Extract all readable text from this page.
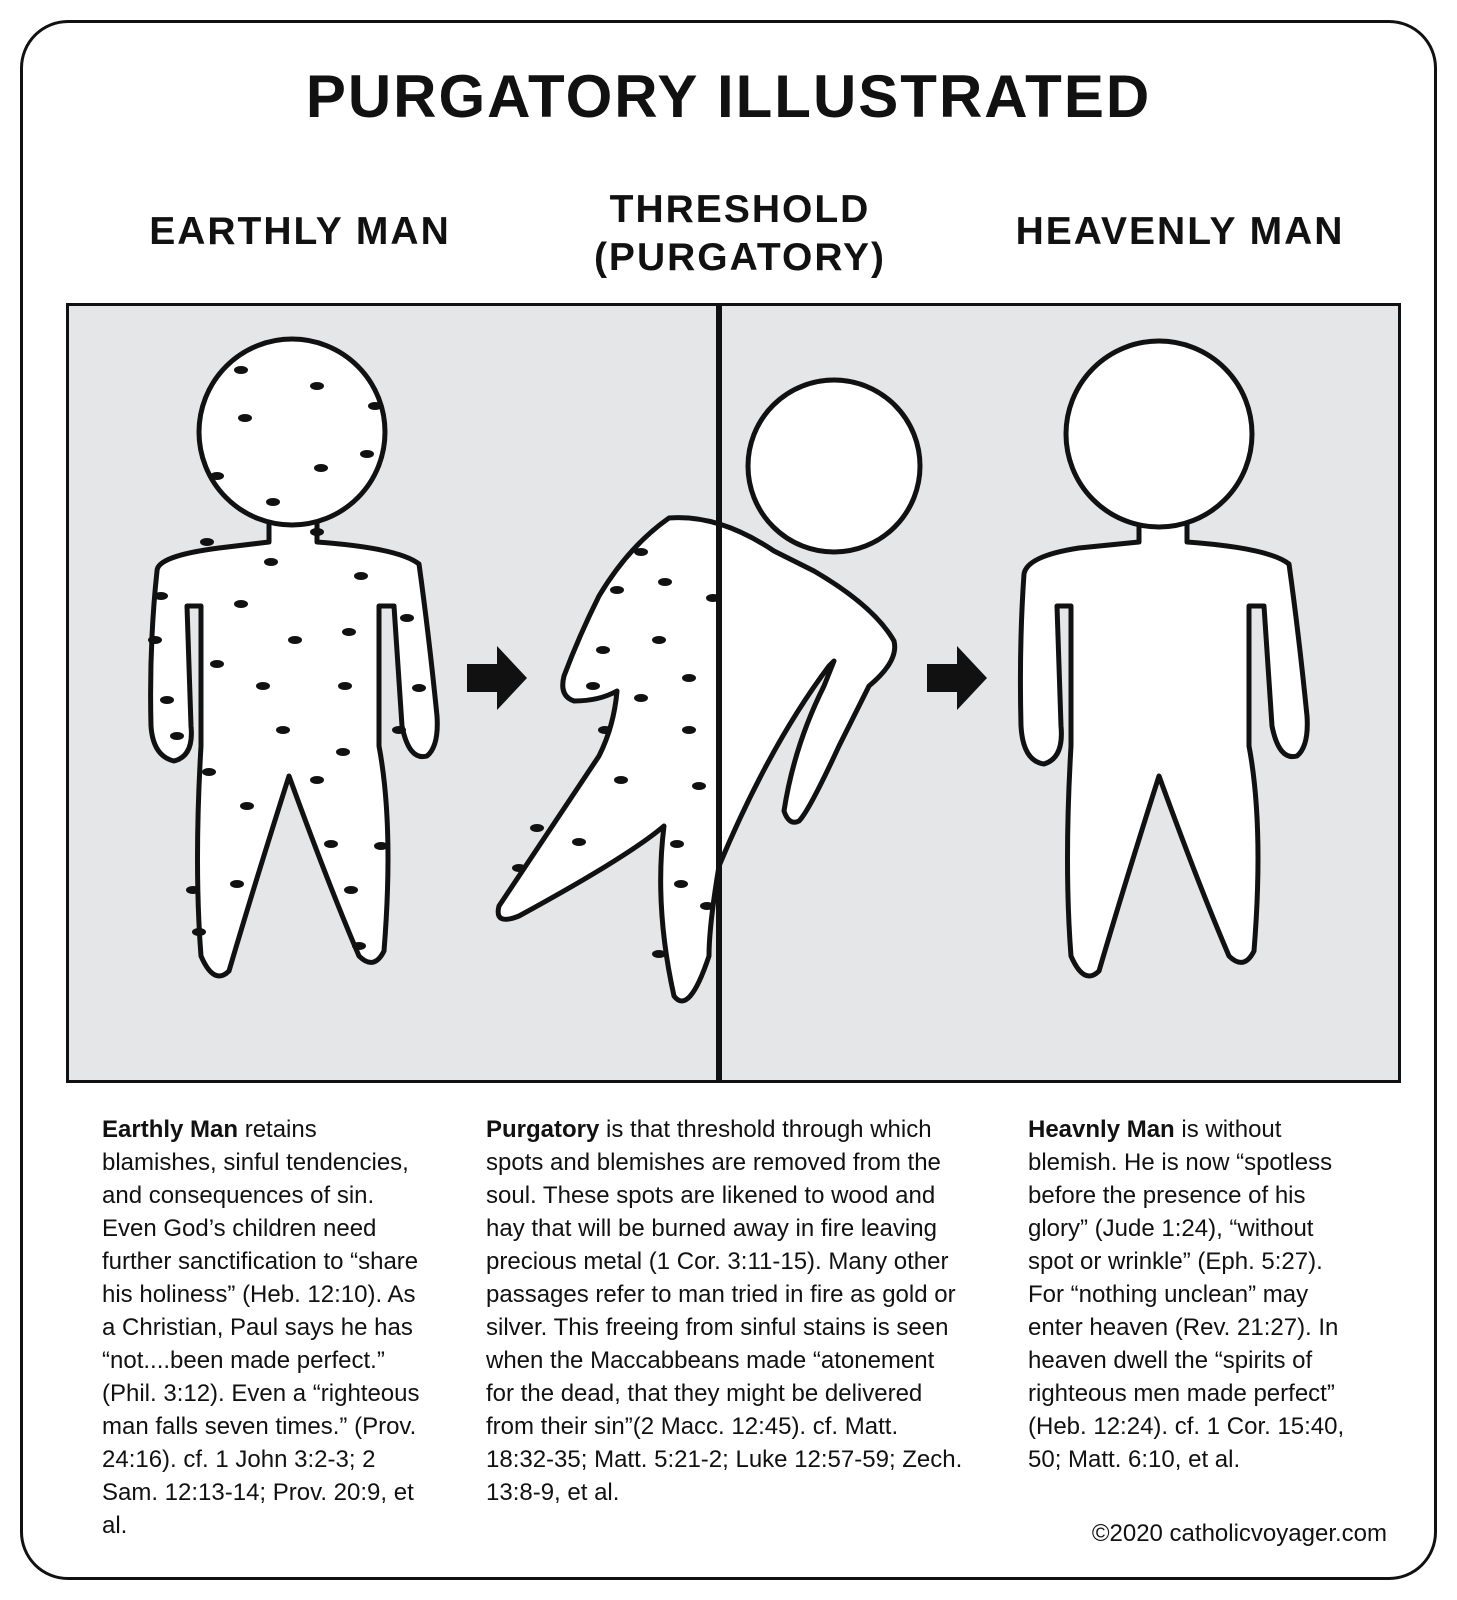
PURGATORY ILLUSTRATED
EARTHLY MAN
THRESHOLD
(PURGATORY)
HEAVENLY MAN
Earthly Man retains blamishes, sinful tendencies, and consequences of sin. Even God’s children need further sanctification to “share his holiness” (Heb. 12:10). As a Christian, Paul says he has “not....been made perfect.” (Phil. 3:12). Even a “righteous man falls seven times.” (Prov. 24:16). cf. 1 John 3:2-3; 2 Sam. 12:13-14; Prov. 20:9, et al.
Purgatory is that threshold through which spots and blemishes are removed from the soul. These spots are likened to wood and hay that will be burned away in fire leaving precious metal (1 Cor. 3:11-15). Many other passages refer to man tried in fire as gold or silver. This freeing from sinful stains is seen when the Maccabbeans made “atonement for the dead, that they might be delivered from their sin”(2 Macc. 12:45). cf. Matt. 18:32-35; Matt. 5:21-2; Luke 12:57-59; Zech. 13:8-9, et al.
Heavnly Man is without blemish. He is now “spotless before the presence of his glory” (Jude 1:24), “without spot or wrinkle” (Eph. 5:27). For “nothing unclean” may enter heaven (Rev. 21:27). In heaven dwell the “spirits of righteous men made perfect” (Heb. 12:24). cf. 1 Cor. 15:40, 50; Matt. 6:10, et al.
©2020 catholicvoyager.com
